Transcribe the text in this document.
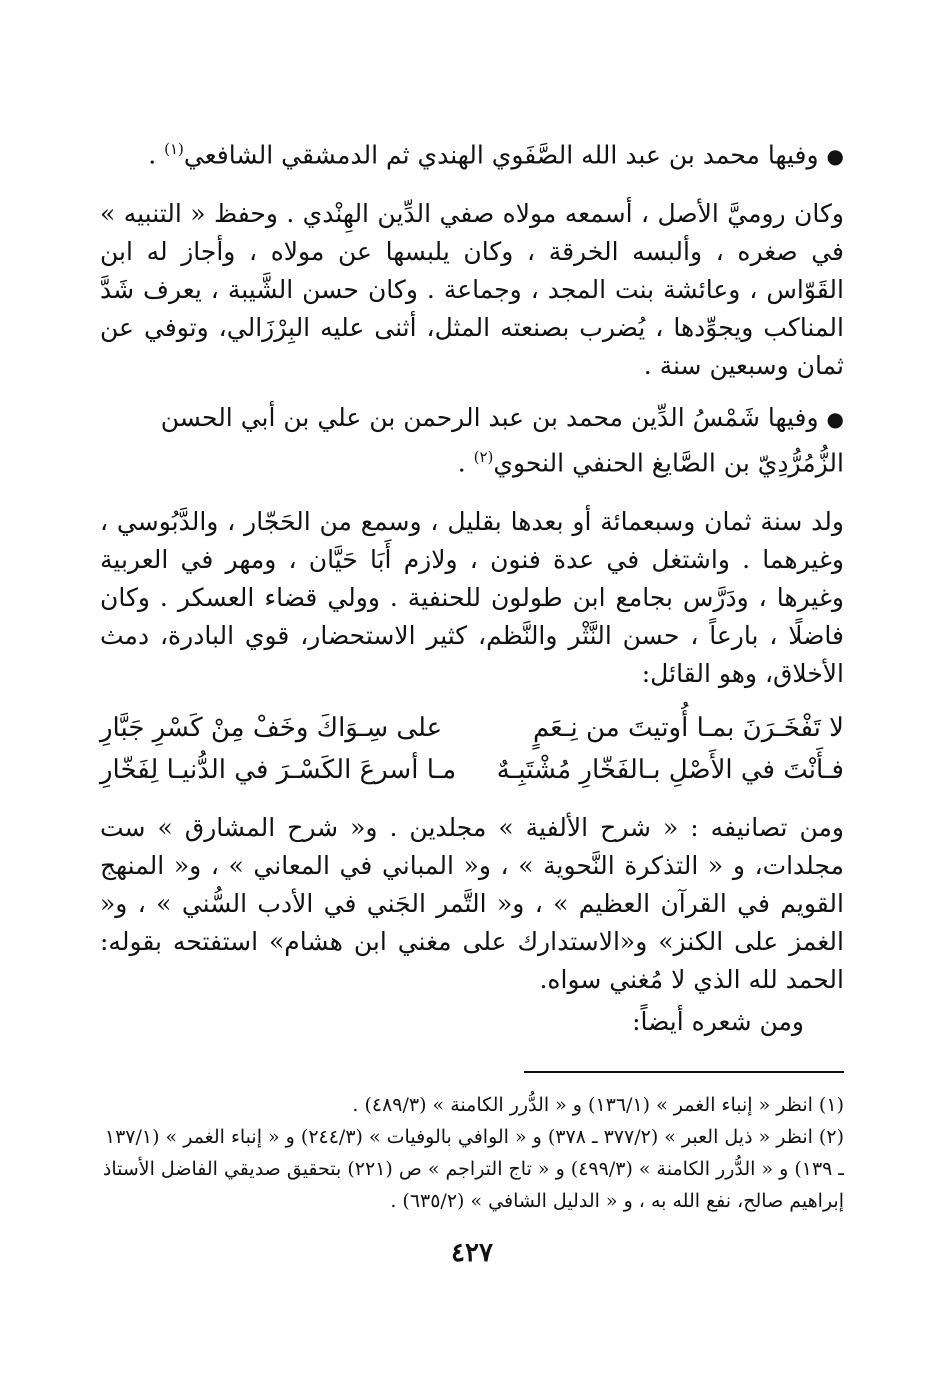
●وفيها محمد بن عبد الله الصَّفَوي الهندي ثم الدمشقي الشافعي$^{(١)}$ .

وكان روميَّ الأصل ، أسمعه مولاه صفي الدِّين الهِنْدي . وحفظ « التنبيه » في صغره ، وألبسه الخرقة ، وكان يلبسها عن مولاه ، وأجاز له ابن القَوّاس ، وعائشة بنت المجد ، وجماعة . وكان حسن الشَّيبة ، يعرف شَدَّ المناكب ويجوِّدها ، يُضرب بصنعته المثل، أثنى عليه البِرْزَالي، وتوفي عن ثمان وسبعين سنة .

●وفيها شَمْسُ الدِّين محمد بن عبد الرحمن بن علي بن أبي الحسن الزُّمُرُّدِيّ بن الصَّايغ الحنفي النحوي$^{(٢)}$ .

ولد سنة ثمان وسبعمائة أو بعدها بقليل ، وسمع من الحَجّار ، والدَّبُوسي ، وغيرهما . واشتغل في عدة فنون ، ولازم أَبَا حَيَّان ، ومهر في العربية وغيرها ، ودَرَّس بجامع ابن طولون للحنفية . وولي قضاء العسكر . وكان فاضلًا ، بارعاً ، حسن النَّثْر والنَّظم، كثير الاستحضار، قوي البادرة، دمث الأخلاق، وهو القائل:

لا تَفْخَـرَنَ بمـا أُوتيتَ من نِـعَمٍ
على سِـوَاكَ وخَفْ مِنْ كَسْرِ جَبَّارِ
فـأَنْتَ في الأَصْلِ بـالفَخّارِ مُشْتَبِـهٌ
مـا أسرعَ الكَسْـرَ في الدُّنيـا لِفَخّارِ

ومن تصانيفه : « شرح الألفية » مجلدين . و« شرح المشارق » ست مجلدات، و « التذكرة النَّحوية » ، و« المباني في المعاني » ، و« المنهج القويم في القرآن العظيم » ، و« التَّمر الجَني في الأدب السُّني » ، و« الغمز على الكنز» و«الاستدارك على مغني ابن هشام» استفتحه بقوله: الحمد لله الذي لا مُغني سواه.

ومن شعره أيضاً:

(١) انظر « إنباء الغمر » (١٣٦/١) و « الدُّرر الكامنة » (٤٨٩/٣) .

(٢) انظر « ذيل العبر » (٣٧٧/٢ ـ ٣٧٨) و « الوافي بالوفيات » (٢٤٤/٣) و « إنباء الغمر » (١٣٧/١ ـ ١٣٩) و « الدُّرر الكامنة » (٤٩٩/٣) و « تاج التراجم » ص (٢٢١) بتحقيق صديقي الفاضل الأستاذ إبراهيم صالح، نفع الله به ، و « الدليل الشافي » (٦٣٥/٢) .

٤٢٧
